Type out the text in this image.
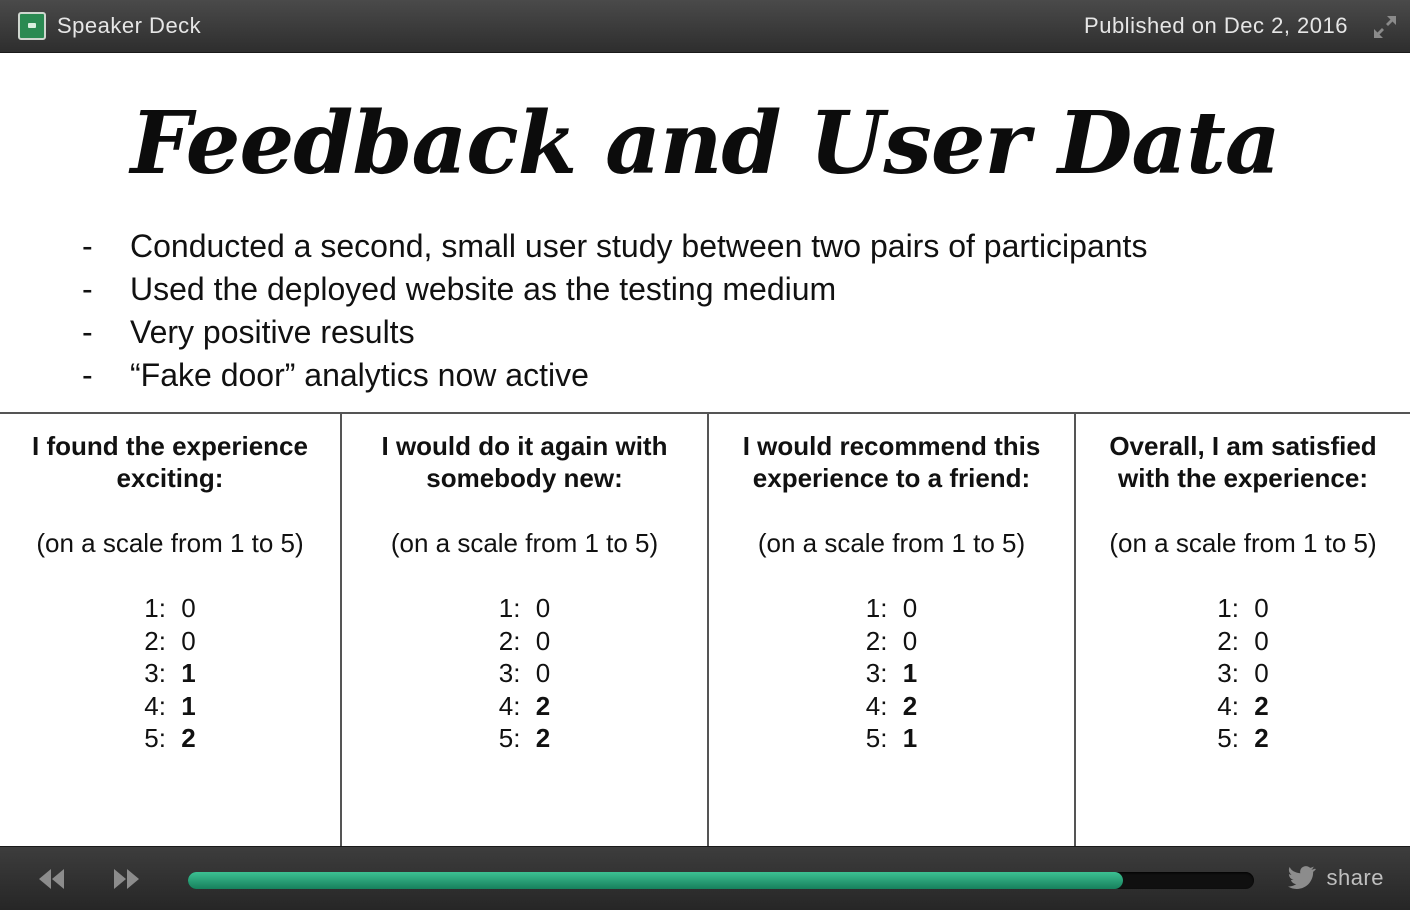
Speaker Deck	Published on Dec 2, 2016
Feedback and User Data
- Conducted a second, small user study between two pairs of participants
- Used the deployed website as the testing medium
- Very positive results
- “Fake door” analytics now active
I found the experience
exciting:
(on a scale from 1 to 5)
1: 0
2: 0
3: 1
4: 1
5: 2
I would do it again with
somebody new:
(on a scale from 1 to 5)
1: 0
2: 0
3: 0
4: 2
5: 2
I would recommend this
experience to a friend:
(on a scale from 1 to 5)
1: 0
2: 0
3: 1
4: 2
5: 1
Overall, I am satisfied
with the experience:
(on a scale from 1 to 5)
1: 0
2: 0
3: 0
4: 2
5: 2
share
